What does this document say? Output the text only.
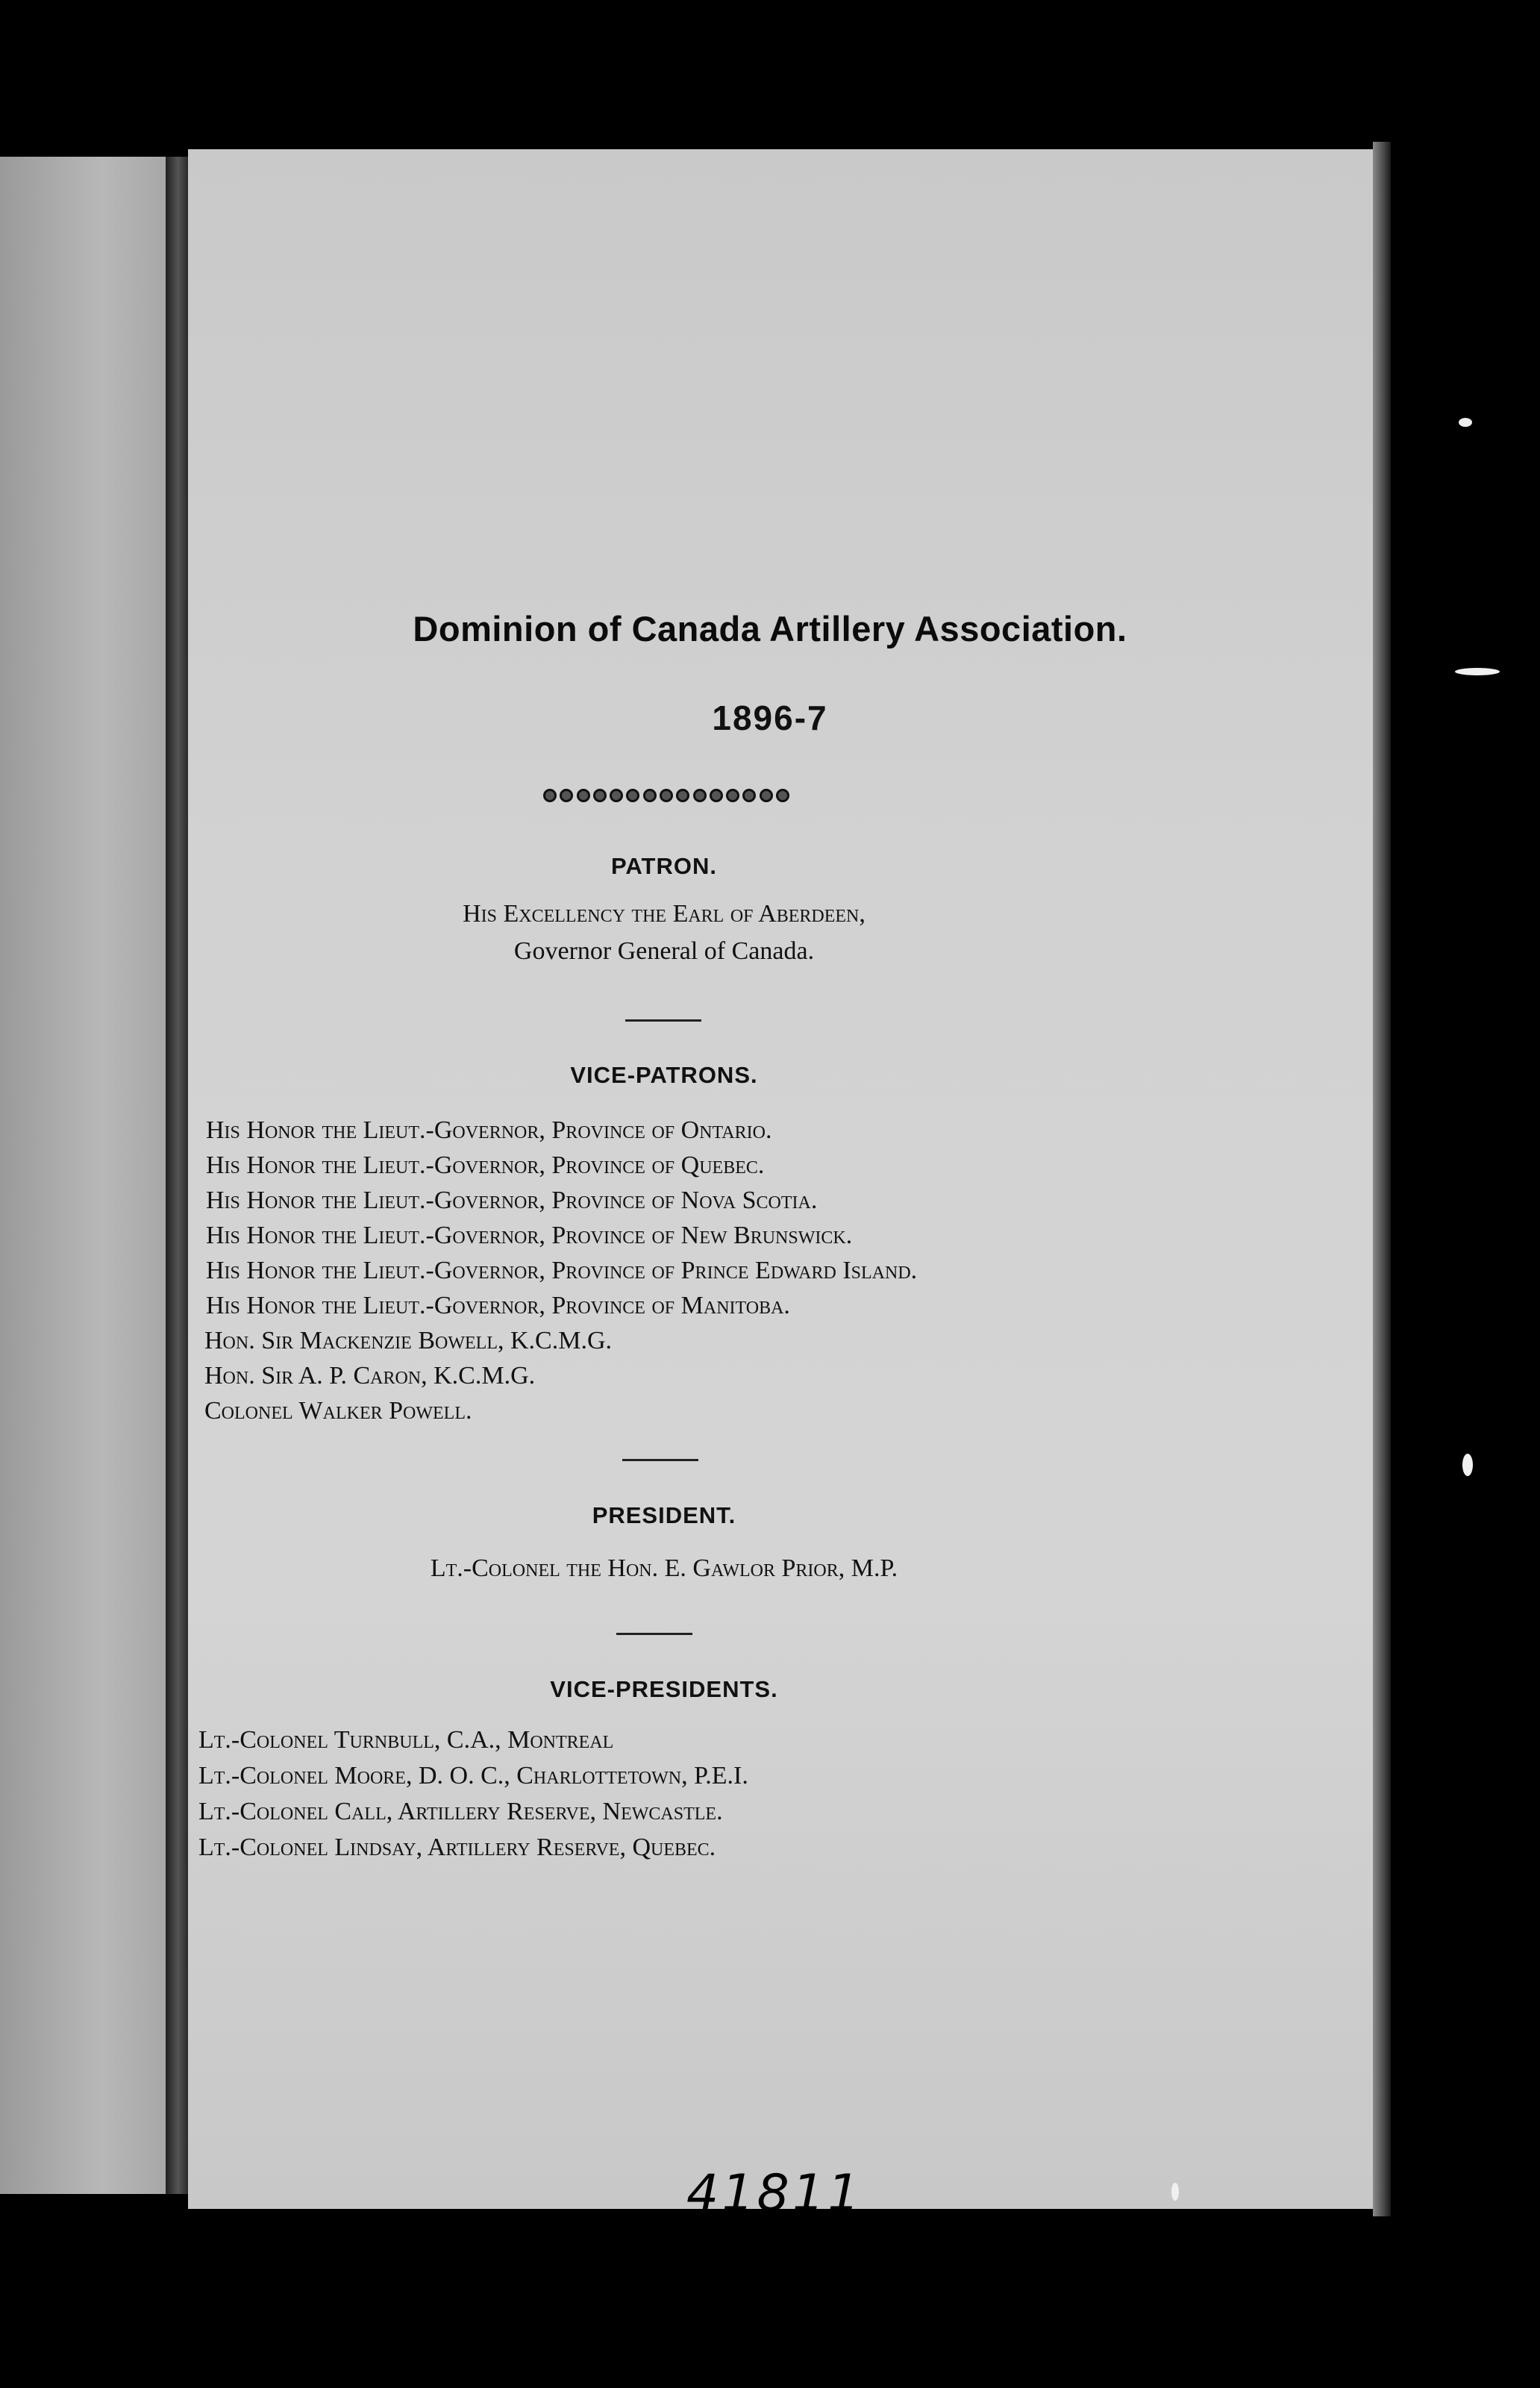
Dominion of Canada Artillery Association.
1896-7
PATRON.
His Excellency the Earl of Aberdeen,
Governor General of Canada.
VICE-PATRONS.
His Honor the Lieut.-Governor, Province of Ontario.
His Honor the Lieut.-Governor, Province of Quebec.
His Honor the Lieut.-Governor, Province of Nova Scotia.
His Honor the Lieut.-Governor, Province of New Brunswick.
His Honor the Lieut.-Governor, Province of Prince Edward Island.
His Honor the Lieut.-Governor, Province of Manitoba.
Hon. Sir Mackenzie Bowell, K.C.M.G.
Hon. Sir A. P. Caron, K.C.M.G.
Colonel Walker Powell.
PRESIDENT.
Lt.-Colonel the Hon. E. Gawlor Prior, M.P.
VICE-PRESIDENTS.
Lt.-Colonel Turnbull, C.A., Montreal
Lt.-Colonel Moore, D. O. C., Charlottetown, P.E.I.
Lt.-Colonel Call, Artillery Reserve, Newcastle.
Lt.-Colonel Lindsay, Artillery Reserve, Quebec.
41811
